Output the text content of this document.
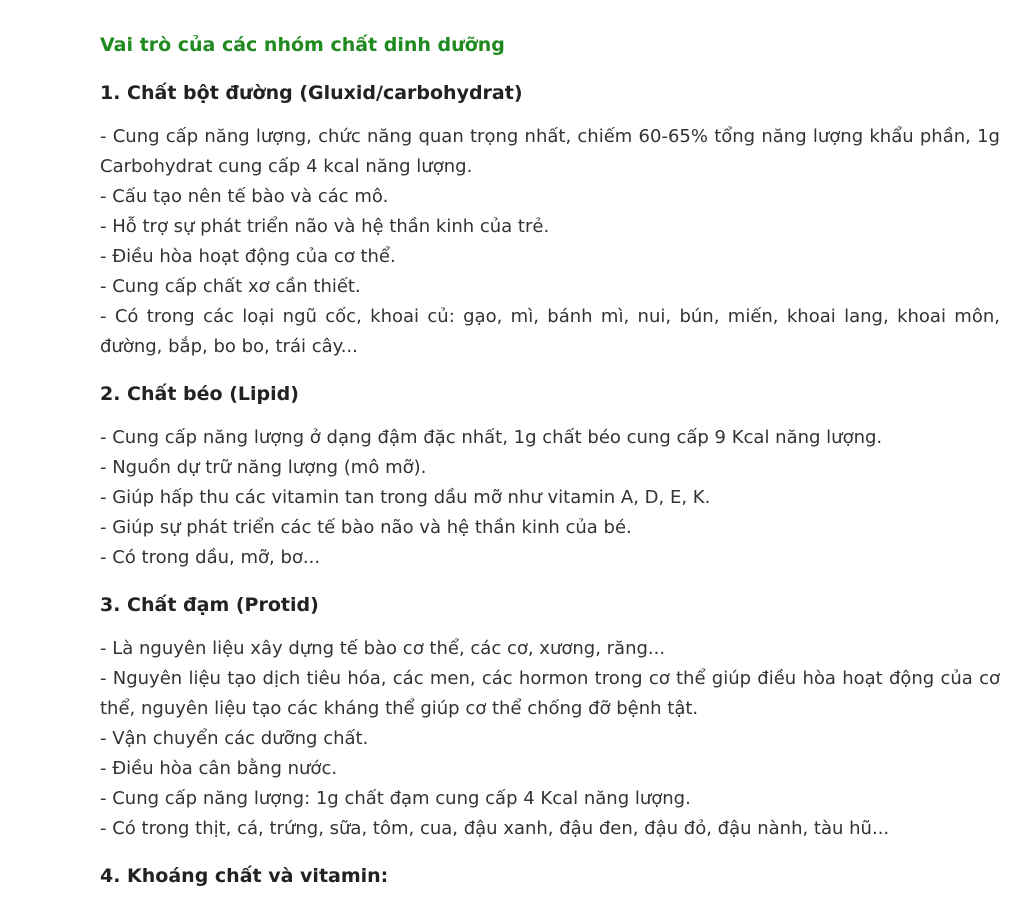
Vai trò của các nhóm chất dinh dưỡng
1. Chất bột đường (Gluxid/carbohydrat)
- Cung cấp năng lượng, chức năng quan trọng nhất, chiếm 60-65% tổng năng lượng khẩu phần, 1g Carbohydrat cung cấp 4 kcal năng lượng.
- Cấu tạo nên tế bào và các mô.
- Hỗ trợ sự phát triển não và hệ thần kinh của trẻ.
- Điều hòa hoạt động của cơ thể.
- Cung cấp chất xơ cần thiết.
- Có trong các loại ngũ cốc, khoai củ: gạo, mì, bánh mì, nui, bún, miến, khoai lang, khoai môn, đường, bắp, bo bo, trái cây...
2. Chất béo (Lipid)
- Cung cấp năng lượng ở dạng đậm đặc nhất, 1g chất béo cung cấp 9 Kcal năng lượng.
- Nguồn dự trữ năng lượng (mô mỡ).
- Giúp hấp thu các vitamin tan trong dầu mỡ như vitamin A, D, E, K.
- Giúp sự phát triển các tế bào não và hệ thần kinh của bé.
- Có trong dầu, mỡ, bơ...
3. Chất đạm (Protid)
- Là nguyên liệu xây dựng tế bào cơ thể, các cơ, xương, răng...
- Nguyên liệu tạo dịch tiêu hóa, các men, các hormon trong cơ thể giúp điều hòa hoạt động của cơ thể, nguyên liệu tạo các kháng thể giúp cơ thể chống đỡ bệnh tật.
- Vận chuyển các dưỡng chất.
- Điều hòa cân bằng nước.
- Cung cấp năng lượng: 1g chất đạm cung cấp 4 Kcal năng lượng.
- Có trong thịt, cá, trứng, sữa, tôm, cua, đậu xanh, đậu đen, đậu đỏ, đậu nành, tàu hũ...
4. Khoáng chất và vitamin:
